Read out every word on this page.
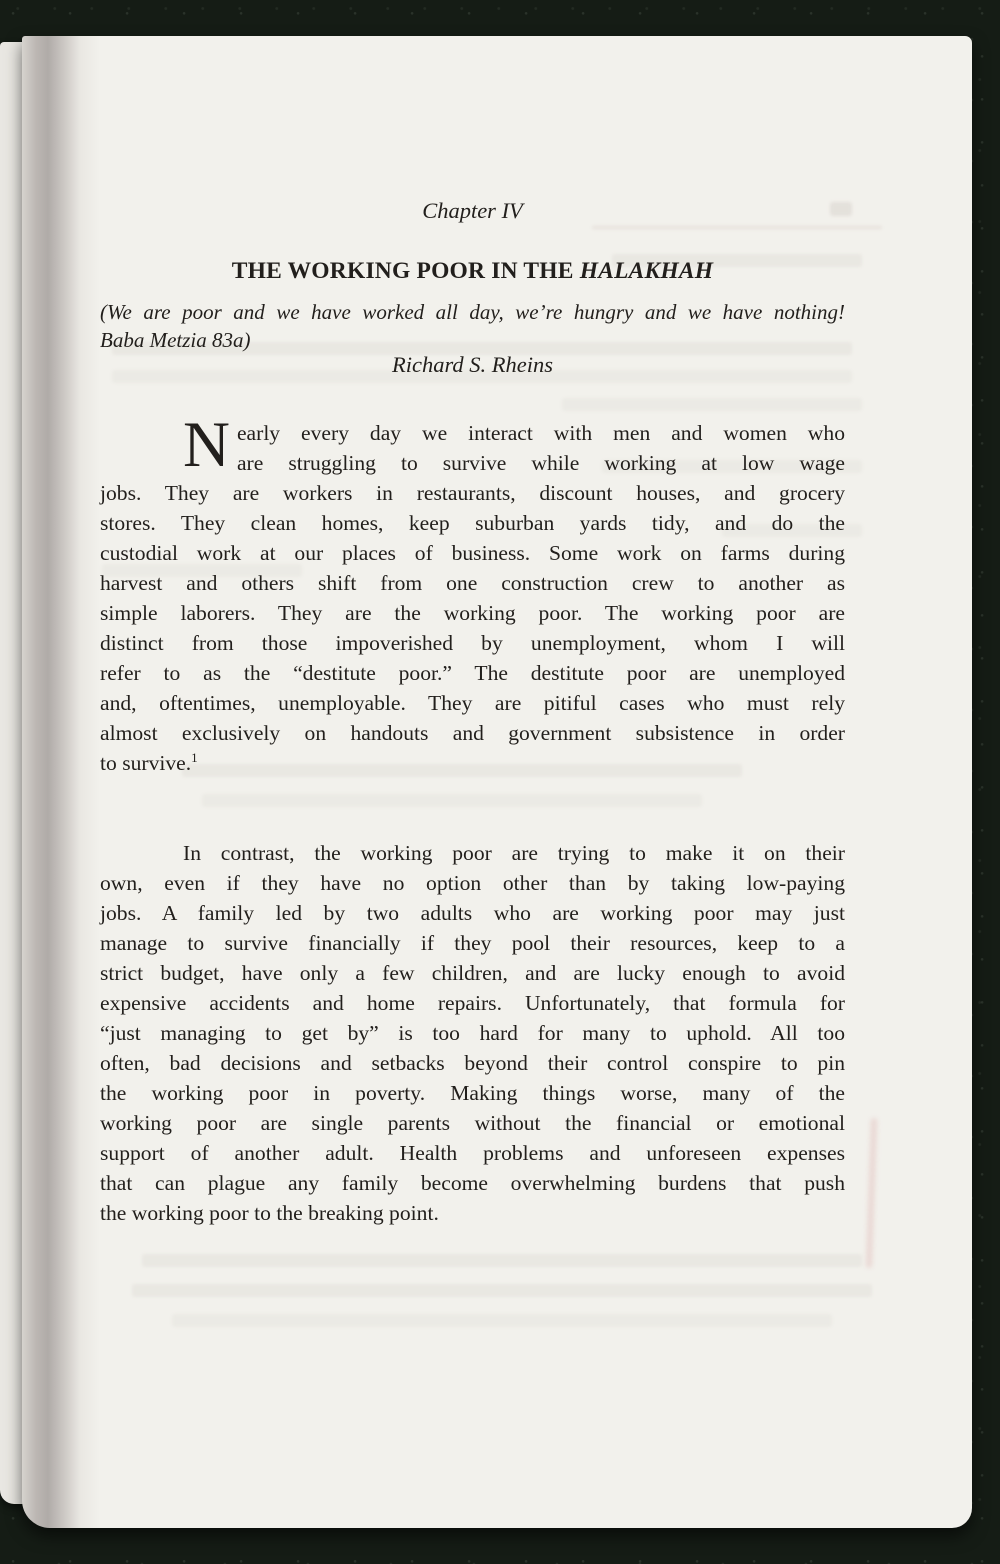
Chapter IV
THE WORKING POOR IN THE HALAKHAH
(We are poor and we have worked all day, we’re hungry and we have nothing!
Baba Metzia 83a)
Richard S. Rheins
N early every day we interact with men and women who
are struggling to survive while working at low wage
jobs. They are workers in restaurants, discount houses, and grocery
stores. They clean homes, keep suburban yards tidy, and do the
custodial work at our places of business. Some work on farms during
harvest and others shift from one construction crew to another as
simple laborers. They are the working poor. The working poor are
distinct from those impoverished by unemployment, whom I will
refer to as the “destitute poor.” The destitute poor are unemployed
and, oftentimes, unemployable. They are pitiful cases who must rely
almost exclusively on handouts and government subsistence in order
to survive.$^1$
In contrast, the working poor are trying to make it on their
own, even if they have no option other than by taking low-paying
jobs. A family led by two adults who are working poor may just
manage to survive financially if they pool their resources, keep to a
strict budget, have only a few children, and are lucky enough to avoid
expensive accidents and home repairs. Unfortunately, that formula for
“just managing to get by” is too hard for many to uphold. All too
often, bad decisions and setbacks beyond their control conspire to pin
the working poor in poverty. Making things worse, many of the
working poor are single parents without the financial or emotional
support of another adult. Health problems and unforeseen expenses
that can plague any family become overwhelming burdens that push
the working poor to the breaking point.
